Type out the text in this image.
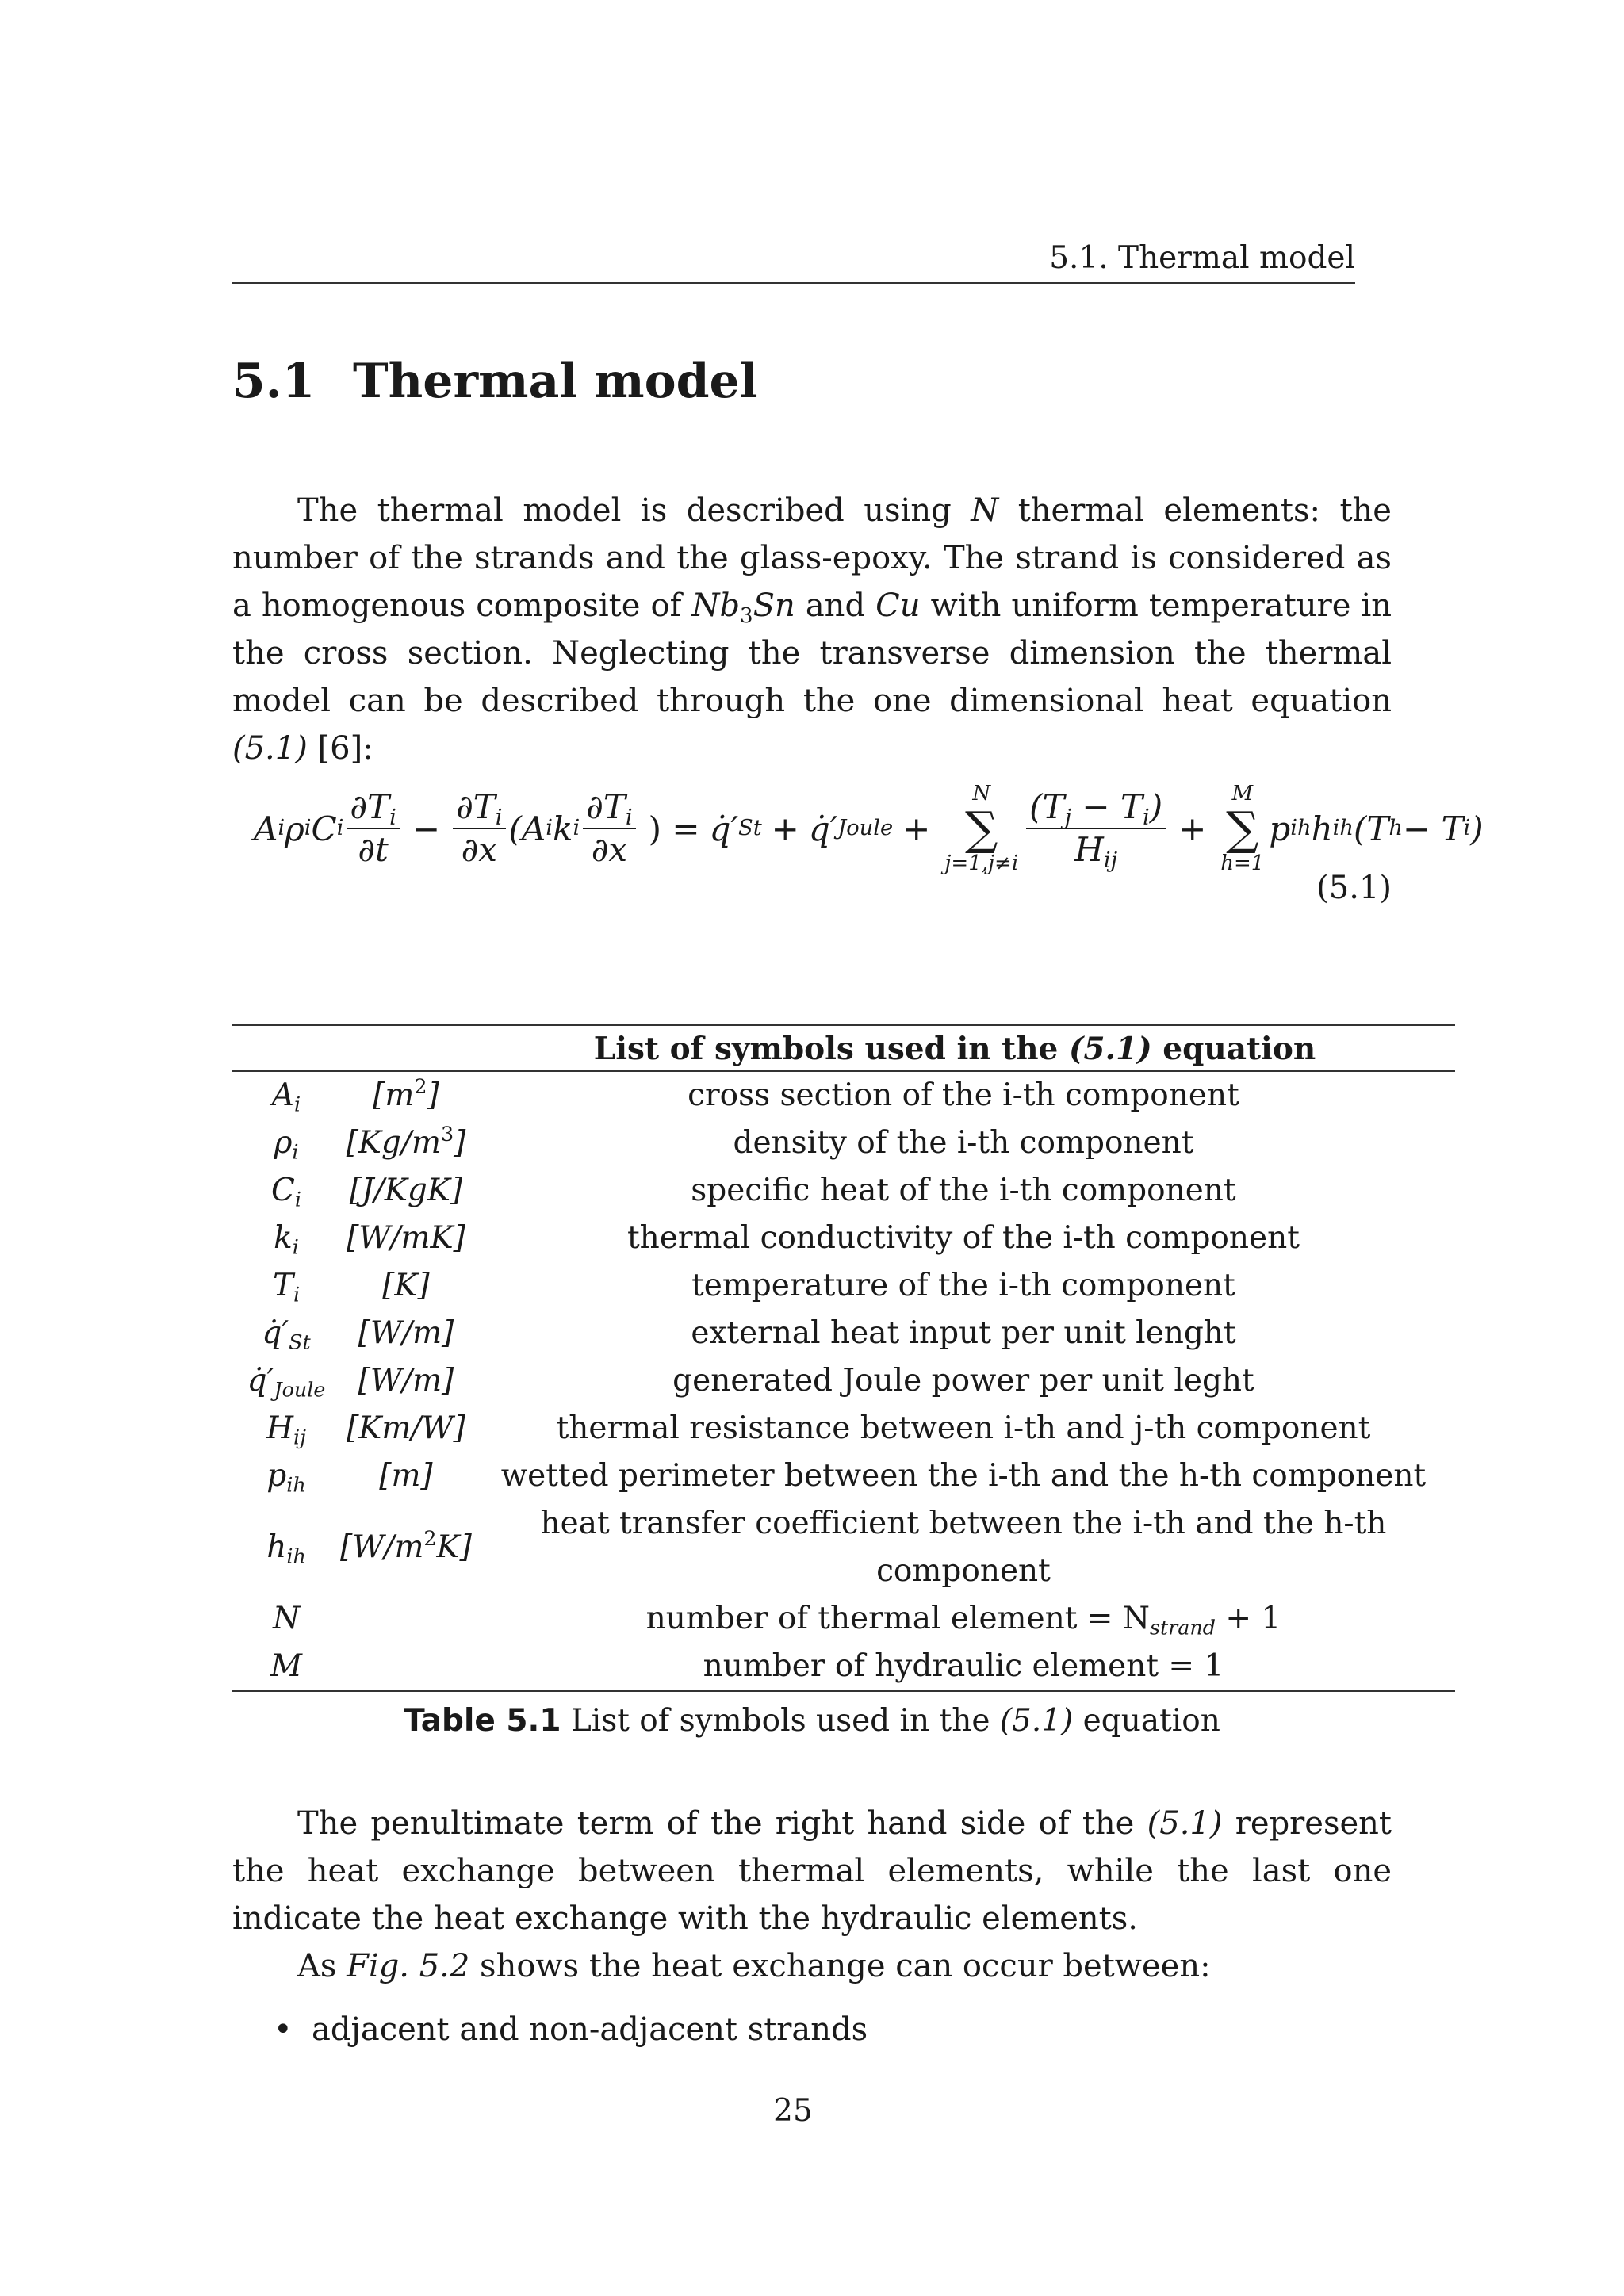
5.1. Thermal model
5.1 Thermal model

The thermal model is described using N thermal elements: the number of the strands and the glass-epoxy. The strand is considered as a homogenous composite of $Nb_3Sn$ and Cu with uniform temperature in the cross section. Neglecting the transverse dimension the thermal model can be described through the one dimensional heat equation (5.1) [6]:

A i ρ i C i $\frac{\partial T_i}{\partial t} - \frac{\partial T_i}{\partial x} (A$ i k i $\frac{\partial T_i}{\partial x}$ ) = q̇′ St + q̇′ Joule +
N
∑
$j=1,j\ne i \frac{(T_j - T_i)}{H_{ij}}$ +
M
∑
h=1
p ih h ih (T h − T i )
(5.1)
List of symbols used in the (5.1) equation
$A_i$	$[m^2]$	cross section of the i-th component
$\rho_i$	$[Kg/m^3]$	density of the i-th component
$C_i$	[J/KgK]	specific heat of the i-th component
$k_i$	[W/mK]	thermal conductivity of the i-th component
$T_i$	[K]	temperature of the i-th component
$q̇'_{St}$	[W/m]	external heat input per unit lenght
$q̇'_{Joule}$	[W/m]	generated Joule power per unit leght
$H_{ij}$	[Km/W]	thermal resistance between i-th and j-th component
$p_{ih}$	[m]	wetted perimeter between the i-th and the h-th component
$h_{ih}$	$[W/m^2K]$	heat transfer coefficient between the i-th and the h-th component
N		number of thermal element = $N_{strand} + 1$
M		number of hydraulic element = 1
Table 5.1 List of symbols used in the (5.1) equation

The penultimate term of the right hand side of the (5.1) represent the heat exchange between thermal elements, while the last one indicate the heat exchange with the hydraulic elements.

As Fig. 5.2 shows the heat exchange can occur between:

• adjacent and non-adjacent strands
25
